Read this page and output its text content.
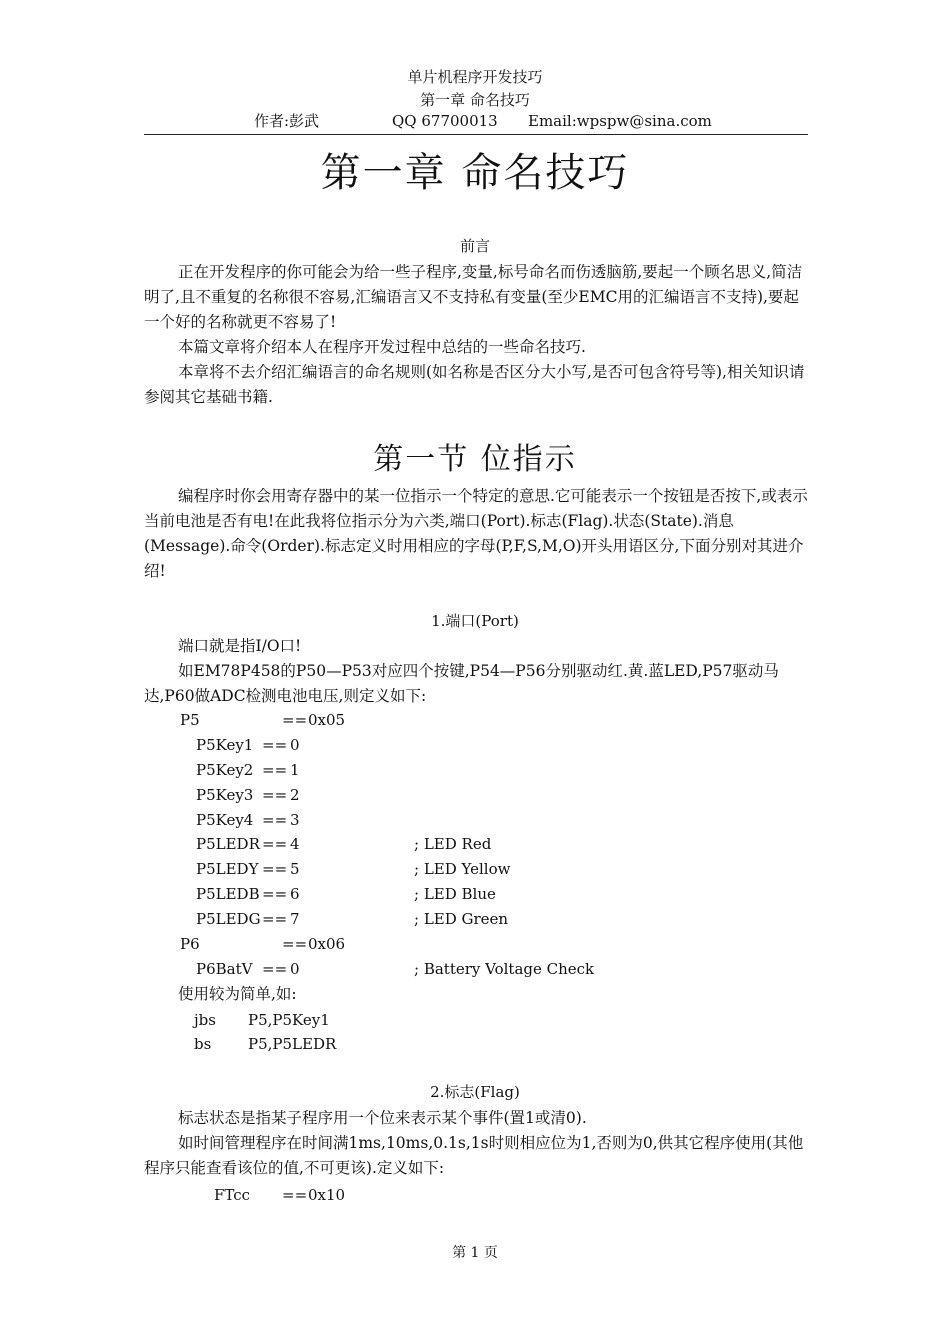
单片机程序开发技巧
第一章 命名技巧
作者:彭武	QQ 67700013 Email:wpspw@sina.com
第一章 命名技巧
前言

正在开发程序的你可能会为给一些子程序,变量,标号命名而伤透脑筋,要起一个顾名思义,简洁明了,且不重复的名称很不容易,汇编语言又不支持私有变量(至少EMC用的汇编语言不支持),要起一个好的名称就更不容易了!

本篇文章将介绍本人在程序开发过程中总结的一些命名技巧.

本章将不去介绍汇编语言的命名规则(如名称是否区分大小写,是否可包含符号等),相关知识请参阅其它基础书籍.

第一节 位指示

编程序时你会用寄存器中的某一位指示一个特定的意思.它可能表示一个按钮是否按下,或表示当前电池是否有电!在此我将位指示分为六类,端口(Port).标志(Flag).状态(State).消息(Message).命令(Order).标志定义时用相应的字母(P,F,S,M,O)开头用语区分,下面分别对其进介绍!

1.端口(Port)

端口就是指I/O口!

如EM78P458的P50—P53对应四个按键,P54—P56分别驱动红.黄.蓝LED,P57驱动马达,P60做ADC检测电池电压,则定义如下:

P5	== 0x05
P5Key1 == 0
P5Key2 == 1
P5Key3 == 2
P5Key4 == 3
P5LEDR == 4	; LED Red
P5LEDY == 5	; LED Yellow
P5LEDB == 6	; LED Blue
P5LEDG == 7	; LED Green
P6	== 0x06
P6BatV == 0	; Battery Voltage Check

使用较为简单,如:

jbs P5,P5Key1
bs P5,P5LEDR
2.标志(Flag)

标志状态是指某子程序用一个位来表示某个事件(置1或清0).

如时间管理程序在时间满1ms,10ms,0.1s,1s时则相应位为1,否则为0,供其它程序使用(其他程序只能查看该位的值,不可更该).定义如下:

FTcc == 0x10
第 1 页
